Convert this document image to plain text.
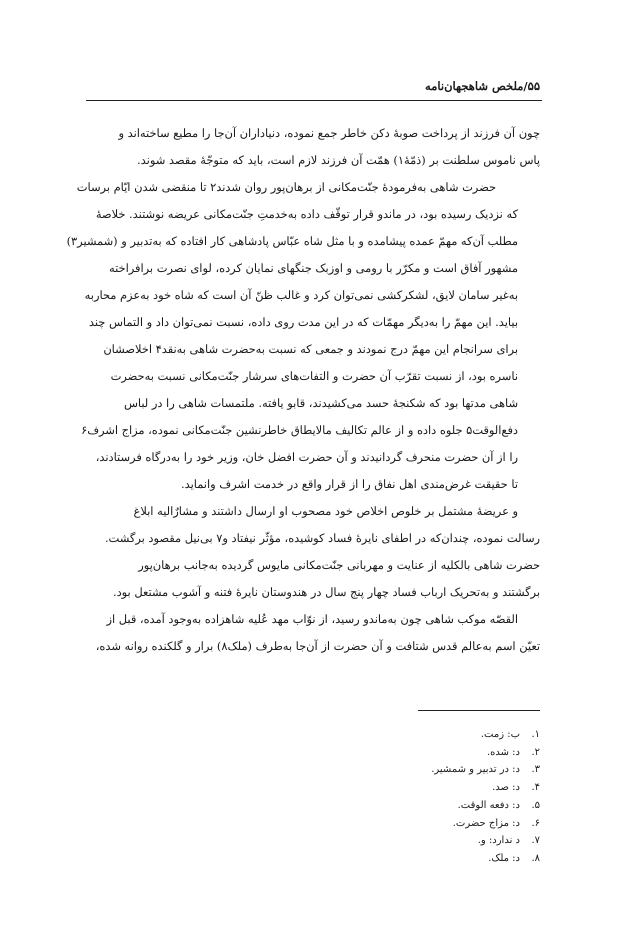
۵۵/ملخص شاهجهان‌نامه

چون آن فرزند از پرداخت صوبهٔ دکن خاطر جمع نموده، دنیاداران آن‌جا را مطیع ساخته‌اند و
پاس ناموس سلطنت بر (ذمّهٔ۱) همّت آن فرزند لازم است، باید که متوجّهٔ مقصد شوند.

حضرت شاهی به‌فرمودهٔ جنّت‌مکانی از برهان‌پور روان شدند۲ تا منقضی شدن ایّام برسات
که نزدیک رسیده بود، در ماندو قرار توقّف داده به‌خدمتِ جنّت‌مکانی عریضه نوشتند. خلاصهٔ
مطلب آن‌که مهمّ عمده پیشامده و با مثل شاه عبّاس پادشاهی کار افتاده که به‌تدبیر و (شمشیر۳)
مشهور آفاق است و مکرّر با رومی و اوزبک جنگهای نمایان کرده، لوای نصرت برافراخته
به‌غیر سامان لایق، لشکرکشی نمی‌توان کرد و غالب ظنّ آن است که شاه خود به‌عزم محاربه
بیاید. این مهمّ را به‌دیگر مهمّات که در این مدت روی داده، نسبت نمی‌توان داد و التماس چند
برای سرانجام این مهمّ درج نمودند و جمعی که نسبت به‌حضرت شاهی به‌نقد۴ اخلاصشان
ناسره بود، از نسبت تقرّب آن حضرت و التفات‌های سرشار جنّت‌مکانی نسبت به‌حضرت
شاهی مدتها بود که شکنجهٔ حسد می‌کشیدند، قابو یافته. ملتمسات شاهی را در لباس
دفع‌الوقت۵ جلوه داده و از عالم تکالیف مالایطاق خاطرنشین جنّت‌مکانی نموده، مزاج اشرف۶
را از آن حضرت منحرف گردانیدند و آن حضرت افضل خان، وزیر خود را به‌درگاه فرستادند،
تا حقیقت غرض‌مندی اهل نفاق را از قرار واقع در خدمت اشرف وانماید.

و عریضهٔ مشتمل بر خلوص اخلاص خود مصحوب او ارسال داشتند و مشارٌالیه ابلاغ
رسالت نموده، چندان‌که در اطفای نایرهٔ فساد کوشیده، مؤثّر نیفتاد و۷ بی‌نیل مقصود برگشت.
حضرت شاهی بالکلیه از عنایت و مهربانی جنّت‌مکانی مایوس گردیده به‌جانب برهان‌پور
برگشتند و به‌تحریک ارباب فساد چهار پنج سال در هندوستان نایرهٔ فتنه و آشوب مشتعل بود.

القصّه موکب شاهی چون به‌ماندو رسید، از نوّاب مهد عُلیه شاهزاده به‌وجود آمده، قبل از
تعیّن اسم به‌عالم قدس شتافت و آن حضرت از آن‌جا به‌طرف (ملک۸) برار و گلکنده روانه شده،

۱.
ب: زمت.
۲.
د: شده.
۳.
د: در تدبیر و شمشیر.
۴.
د: صد.
۵.
د: دفعه الوقت.
۶.
د: مزاج حضرت.
۷.
د ندارد: و.
۸.
د: ملک.
